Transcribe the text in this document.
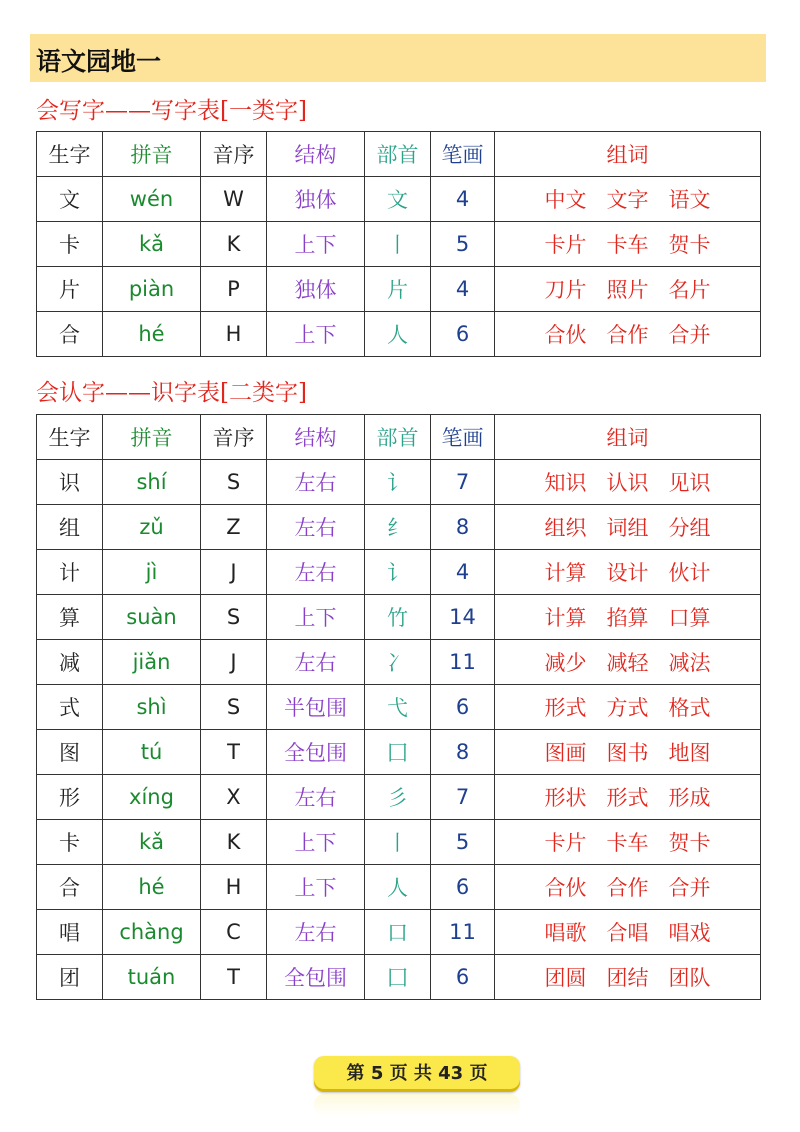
语文园地一
会写字——写字表[一类字]
生字	拼音	音序	结构	部首	笔画	组词
文	wén	W	独体	文	4	中文 文字 语文
卡	kǎ	K	上下	丨	5	卡片 卡车 贺卡
片	piàn	P	独体	片	4	刀片 照片 名片
合	hé	H	上下	人	6	合伙 合作 合并
会认字——识字表[二类字]
生字	拼音	音序	结构	部首	笔画	组词
识	shí	S	左右	讠	7	知识 认识 见识
组	zǔ	Z	左右	纟	8	组织 词组 分组
计	jì	J	左右	讠	4	计算 设计 伙计
算	suàn	S	上下	竹	14	计算 掐算 口算
减	jiǎn	J	左右	冫	11	减少 减轻 减法
式	shì	S	半包围	弋	6	形式 方式 格式
图	tú	T	全包围	囗	8	图画 图书 地图
形	xíng	X	左右	彡	7	形状 形式 形成
卡	kǎ	K	上下	丨	5	卡片 卡车 贺卡
合	hé	H	上下	人	6	合伙 合作 合并
唱	chàng	C	左右	口	11	唱歌 合唱 唱戏
团	tuán	T	全包围	囗	6	团圆 团结 团队
第 5 页 共 43 页
